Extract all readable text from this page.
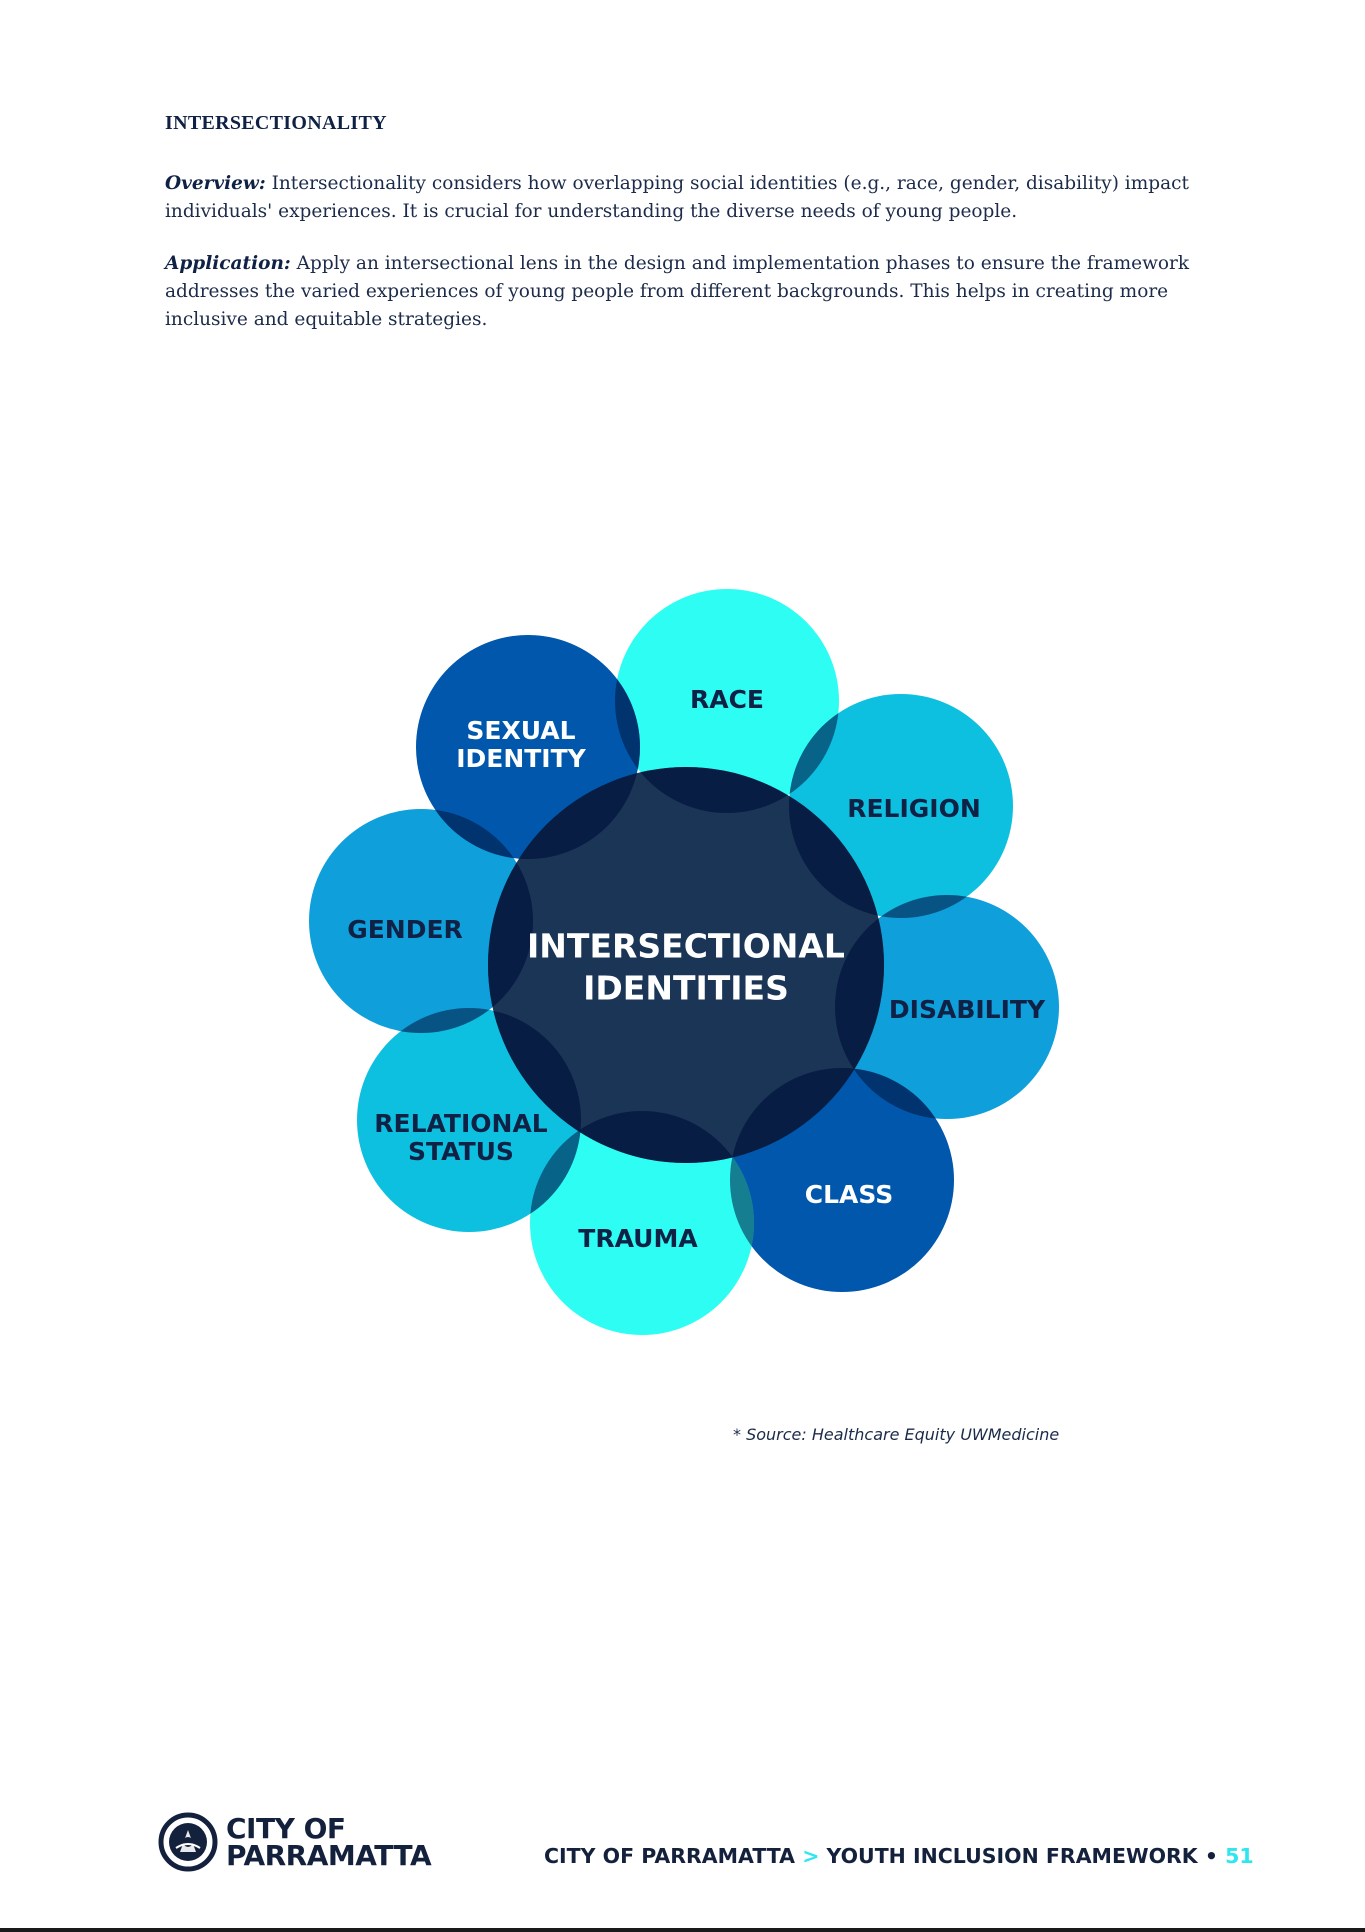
INTERSECTIONALITY

Overview: Intersectionality considers how overlapping social identities (e.g., race, gender, disability) impact individuals' experiences. It is crucial for understanding the diverse needs of young people.

Application: Apply an intersectional lens in the design and implementation phases to ensure the framework addresses the varied experiences of young people from different backgrounds. This helps in creating more inclusive and equitable strategies.

INTERSECTIONAL
IDENTITIES
RACE
RELIGION
DISABILITY
CLASS
TRAUMA
RELATIONAL
STATUS
GENDER
SEXUAL
IDENTITY
* Source: Healthcare Equity UWMedicine
CITY OF
PARRAMATTA	CITY OF PARRAMATTA > YOUTH INCLUSION FRAMEWORK • 51
